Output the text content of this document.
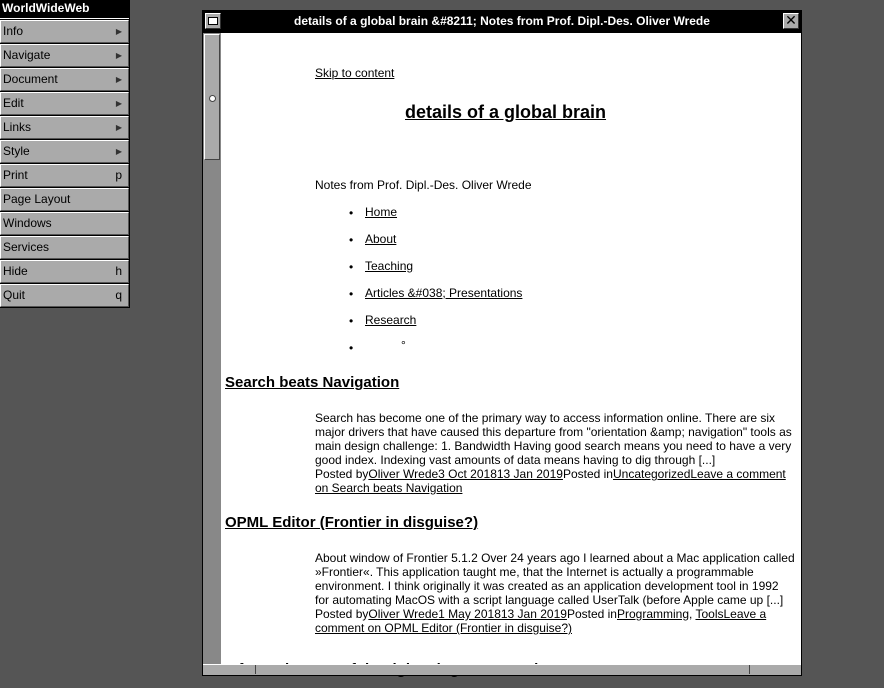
WorldWideWeb
Info	▶
Navigate	▶
Document	▶
Edit	▶
Links	▶
Style	▶
Print	p
Page Layout
Windows
Services
Hide	h
Quit	q
details of a global brain &#8211; Notes from Prof. Dipl.-Des. Oliver Wrede	✕
Skip to content
details of a global brain
Notes from Prof. Dipl.-Des. Oliver Wrede
• Home
• About
• Teaching
• Articles &#038; Presentations
• Research
•	°
Search beats Navigation
Search has become one of the primary way to access information online. There are six major drivers that have caused this departure from "orientation &amp; navigation" tools as main design challenge: 1. Bandwidth Having good search means you need to have a very good index. Indexing vast amounts of data means having to dig through [...]
Posted byOliver Wrede3 Oct 201813 Jan 2019Posted inUncategorizedLeave a comment on Search beats Navigation
OPML Editor (Frontier in disguise?)
About window of Frontier 5.1.2 Over 24 years ago I learned about a Mac application called »Frontier«. This application taught me, that the Internet is actually a programmable environment. I think originally it was created as an application development tool in 1992 for automating MacOS with a script language called UserTalk (before Apple came up [...]
Posted byOliver Wrede1 May 201813 Jan 2019Posted inProgramming, ToolsLeave a comment on OPML Editor (Frontier in disguise?)
